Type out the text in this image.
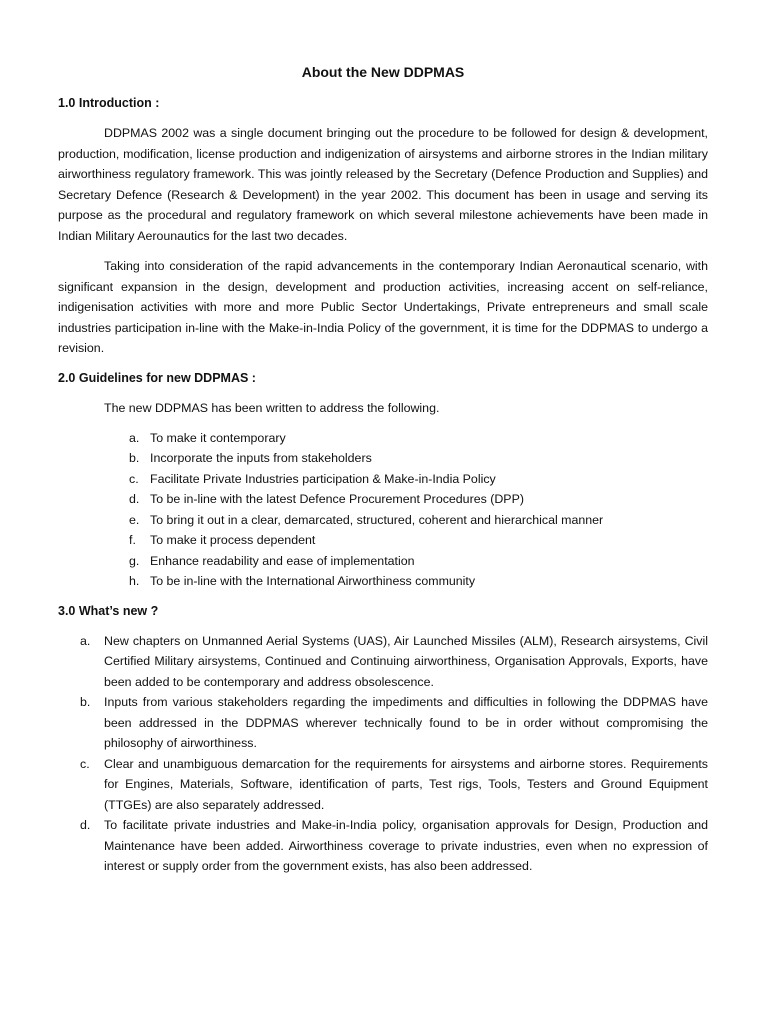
About the New DDPMAS
1.0 Introduction :

DDPMAS 2002 was a single document bringing out the procedure to be followed for design & development, production, modification, license production and indigenization of airsystems and airborne strores in the Indian military airworthiness regulatory framework. This was jointly released by the Secretary (Defence Production and Supplies) and Secretary Defence (Research & Development) in the year 2002. This document has been in usage and serving its purpose as the procedural and regulatory framework on which several milestone achievements have been made in Indian Military Aerounautics for the last two decades.

Taking into consideration of the rapid advancements in the contemporary Indian Aeronautical scenario, with significant expansion in the design, development and production activities, increasing accent on self-reliance, indigenisation activities with more and more Public Sector Undertakings, Private entrepreneurs and small scale industries participation in-line with the Make-in-India Policy of the government, it is time for the DDPMAS to undergo a revision.

2.0 Guidelines for new DDPMAS :
The new DDPMAS has been written to address the following.
a. To make it contemporary
b. Incorporate the inputs from stakeholders
c. Facilitate Private Industries participation & Make-in-India Policy
d. To be in-line with the latest Defence Procurement Procedures (DPP)
e. To bring it out in a clear, demarcated, structured, coherent and hierarchical manner
f.	To make it process dependent
g. Enhance readability and ease of implementation
h. To be in-line with the International Airworthiness community
3.0 What’s new ?
a.	New chapters on Unmanned Aerial Systems (UAS), Air Launched Missiles (ALM), Research airsystems, Civil Certified Military airsystems, Continued and Continuing airworthiness, Organisation Approvals, Exports, have been added to be contemporary and address obsolescence.
b.	Inputs from various stakeholders regarding the impediments and difficulties in following the DDPMAS have been addressed in the DDPMAS wherever technically found to be in order without compromising the philosophy of airworthiness.
c.	Clear and unambiguous demarcation for the requirements for airsystems and airborne stores. Requirements for Engines, Materials, Software, identification of parts, Test rigs, Tools, Testers and Ground Equipment (TTGEs) are also separately addressed.
d.	To facilitate private industries and Make-in-India policy, organisation approvals for Design, Production and Maintenance have been added. Airworthiness coverage to private industries, even when no expression of interest or supply order from the government exists, has also been addressed.
